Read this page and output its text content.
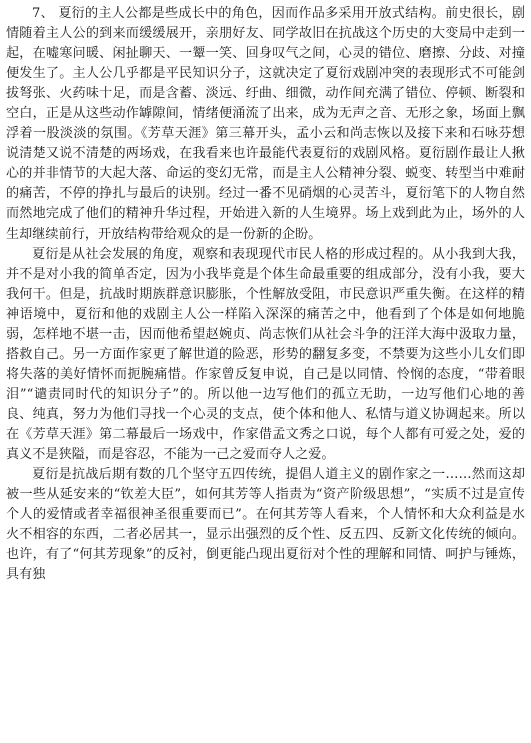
7、 夏衍的主人公都是些成长中的角色，因而作品多采用开放式结构。前史很长，剧情随着主人公的到来而缓缓展开，亲朋好友、同学故旧在抗战这个历史的大变局中走到一起，在嘘寒问暖、闲扯聊天、一颦一笑、回身叹气之间，心灵的错位、磨擦、分歧、对撞便发生了。主人公几乎都是平民知识分子，这就决定了夏衍戏剧冲突的表现形式不可能剑拔弩张、火药味十足，而是含蓄、淡远、纡曲、细微，动作间充满了错位、停顿、断裂和空白，正是从这些动作罅隙间，情绪便涌流了出来，成为无声之音、无形之象，场面上飘浮着一股淡淡的氛围。《芳草天涯》第三幕开头，孟小云和尚志恢以及接下来和石咏芬想说清楚又说不清楚的两场戏，在我看来也许最能代表夏衍的戏剧风格。夏衍剧作最让人揪心的并非情节的大起大落、命运的变幻无常，而是主人公精神分裂、蜕变、转型当中难耐的痛苦，不停的挣扎与最后的诀别。经过一番不见硝烟的心灵苦斗，夏衍笔下的人物自然而然地完成了他们的精神升华过程，开始进入新的人生境界。场上戏到此为止，场外的人生却继续前行，开放结构带给观众的是一份新的企盼。

夏衍是从社会发展的角度，观察和表现现代市民人格的形成过程的。从小我到大我，并不是对小我的简单否定，因为小我毕竟是个体生命最重要的组成部分，没有小我，要大我何干。但是，抗战时期族群意识膨胀，个性解放受阻，市民意识严重失衡。在这样的精神语境中，夏衍和他的戏剧主人公一样陷入深深的痛苦之中，他看到了个体是如何地脆弱，怎样地不堪一击，因而他希望赵婉贞、尚志恢们从社会斗争的汪洋大海中汲取力量，搭救自己。另一方面作家更了解世道的险恶，形势的翻复多变，不禁要为这些小儿女们即将失落的美好情怀而扼腕痛惜。作家曾反复申说，自己是以同情、怜悯的态度，“带着眼泪”“谴责同时代的知识分子”的。所以他一边写他们的孤立无助，一边写他们心地的善良、纯真，努力为他们寻找一个心灵的支点，使个体和他人、私情与道义协调起来。所以在《芳草天涯》第二幕最后一场戏中，作家借孟文秀之口说，每个人都有可爱之处，爱的真义不是狭隘，而是容忍，不能为一己之爱而夺人之爱。

夏衍是抗战后期有数的几个坚守五四传统，提倡人道主义的剧作家之一……然而这却被一些从延安来的“钦差大臣”，如何其芳等人指责为“资产阶级思想”，“实质不过是宣传个人的爱情或者幸福很神圣很重要而已”。在何其芳等人看来，个人情怀和大众利益是水火不相容的东西，二者必居其一，显示出强烈的反个性、反五四、反新文化传统的倾向。也许，有了“何其芳现象”的反衬，倒更能凸现出夏衍对个性的理解和同情、呵护与锤炼，具有独
